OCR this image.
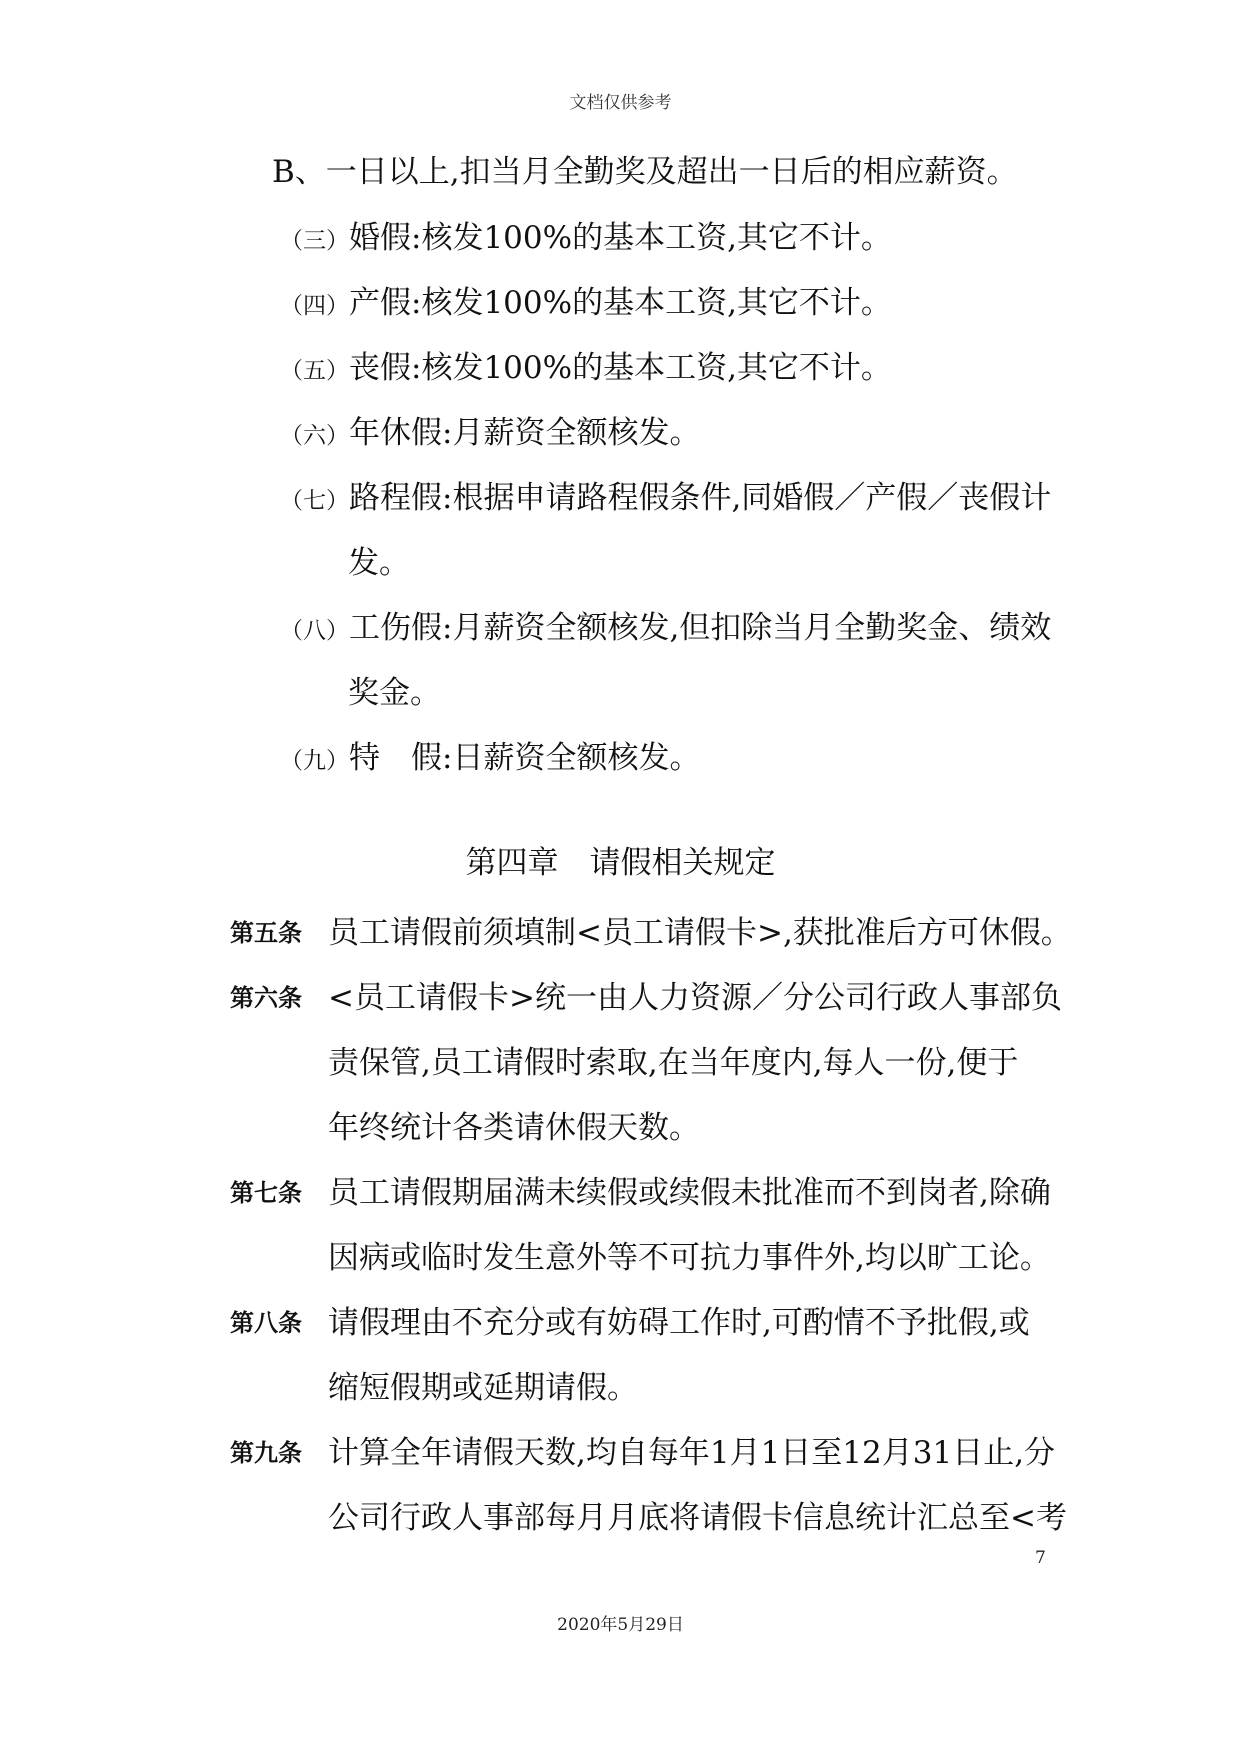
文档仅供参考
B、一日以上,扣当月全勤奖及超出一日后的相应薪资。
（三）婚假:核发100%的基本工资,其它不计。
（四）产假:核发100%的基本工资,其它不计。
（五）丧假:核发100%的基本工资,其它不计。
（六）年休假:月薪资全额核发。
（七）路程假:根据申请路程假条件,同婚假／产假／丧假计
发。
（八）工伤假:月薪资全额核发,但扣除当月全勤奖金、绩效
奖金。
（九）特　假:日薪资全额核发。
第四章　请假相关规定
第五条 员工请假前须填制<员工请假卡>,获批准后方可休假。
第六条 <员工请假卡>统一由人力资源／分公司行政人事部负
责保管,员工请假时索取,在当年度内,每人一份,便于
年终统计各类请休假天数。
第七条 员工请假期届满未续假或续假未批准而不到岗者,除确
因病或临时发生意外等不可抗力事件外,均以旷工论。
第八条 请假理由不充分或有妨碍工作时,可酌情不予批假,或
缩短假期或延期请假。
第九条 计算全年请假天数,均自每年1月1日至12月31日止,分
公司行政人事部每月月底将请假卡信息统计汇总至<考
7
2020年5月29日
